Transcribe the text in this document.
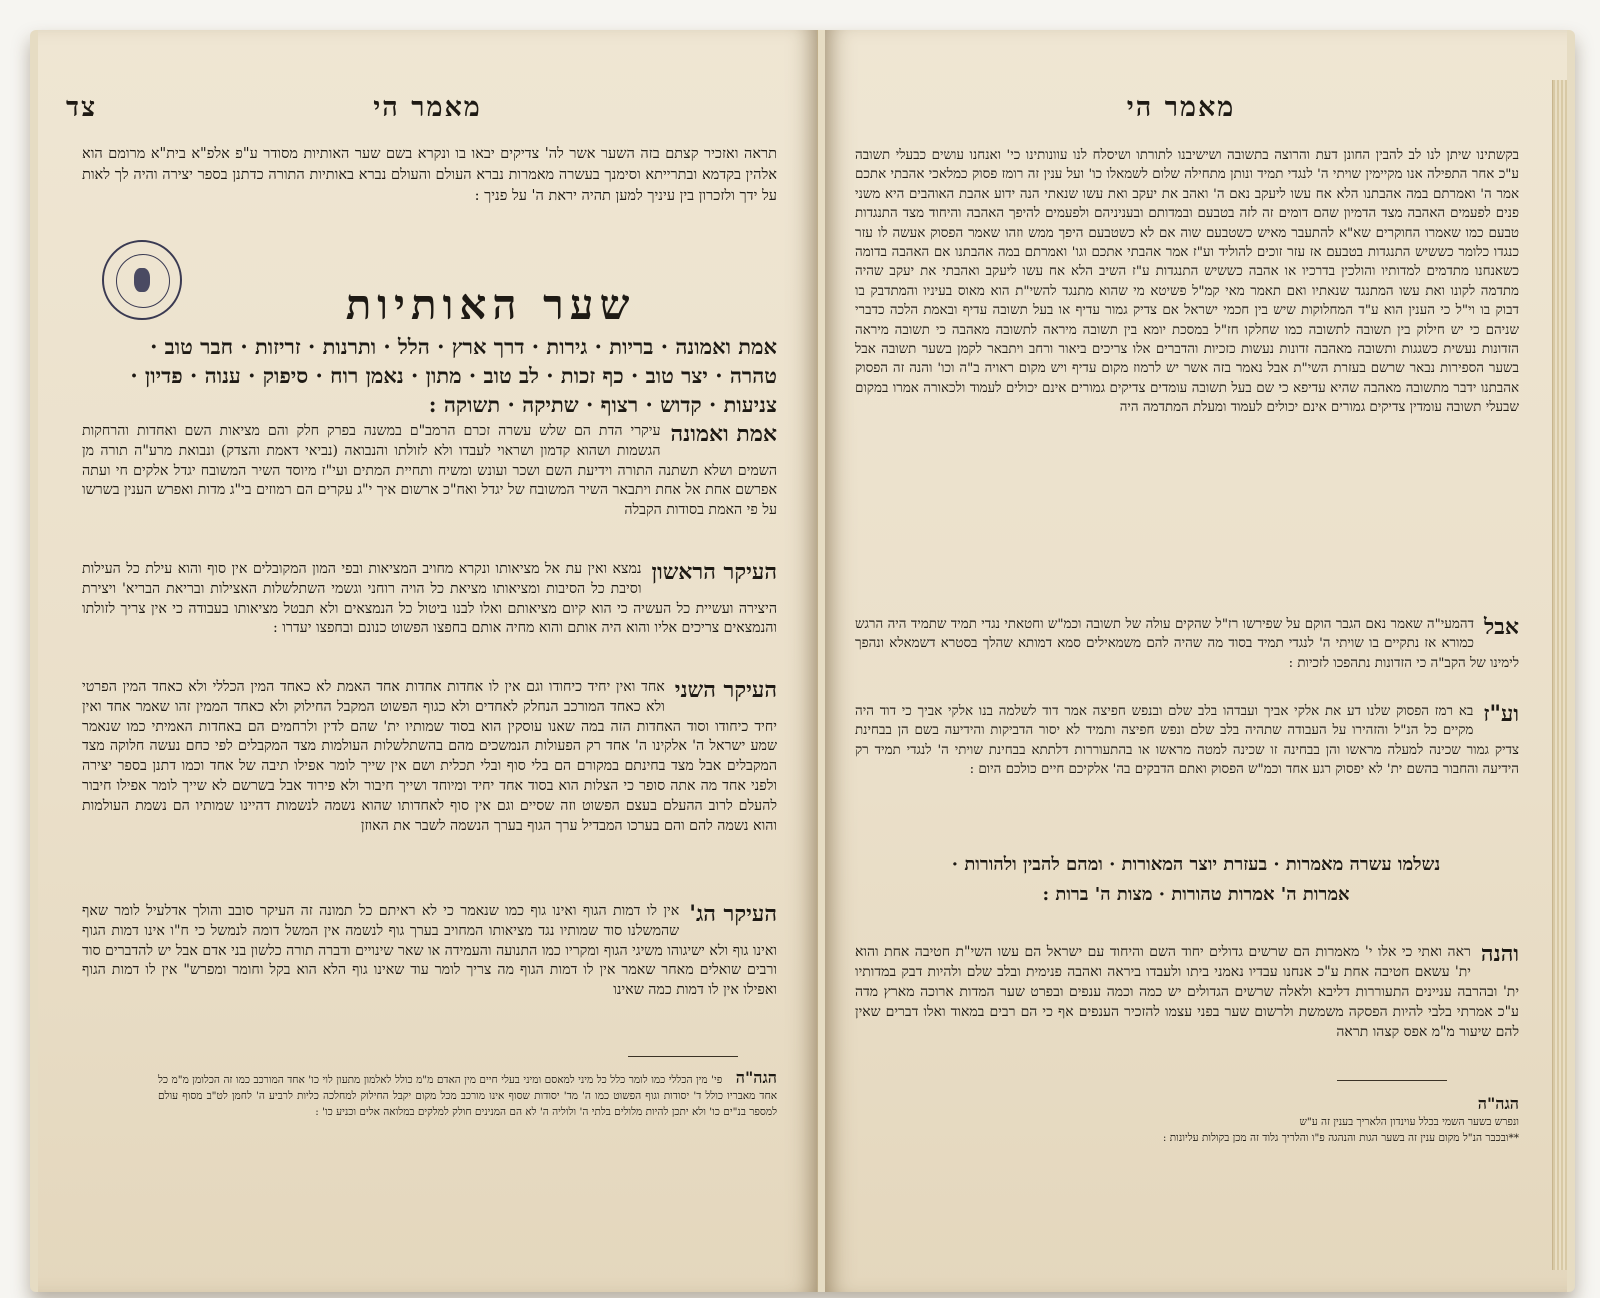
מאמר הי
צד

תראה ואזכיר קצתם בזה השער אשר לה' צדיקים יבאו בו ונקרא בשם שער האותיות מסודר ע"פ אלפ"א בית"א מרומם הוא אלהין בקדמא ובתרייתא וסימנך בעשרה מאמרות נברא העולם והעולם נברא באותיות התורה כדתנן בספר יצירה והיה לך לאות על ידך ולזכרון בין עיניך למען תהיה יראת ה' על פניך :

שער האותיות

אמת ואמונה · בריות · גירות · דרך ארץ · הלל · ותרנות · זריזות · חבר טוב ·

טהרה · יצר טוב · כף זכות · לב טוב · מתון · נאמן רוח · סיפוק · ענוה · פדיון ·

צניעות · קדוש · רצוף · שתיקה · תשוקה :

אמת ואמונה
עיקרי הדת הם שלש עשרה זכרם הרמב"ם במשנה בפרק חלק והם מציאות השם ואחדות והרחקות הגשמות ושהוא קדמון ושראוי לעבדו ולא לזולתו והנבואה (נביאי דאמת והצדק) ונבואת מרע"ה תורה מן השמים ושלא תשתנה התורה וידיעת השם ושכר ועונש ומשיח ותחיית המתים ועי"ז מיוסד השיר המשובח יגדל אלקים חי ועתה אפרשם אחת אל אחת ויתבאר השיר המשובח של יגדל ואח"כ ארשום איך י"ג עקרים הם רמוזים בי"ג מדות ואפרש הענין בשרשו על פי האמת בסודות הקבלה
העיקר הראשון
נמצא ואין עת אל מציאותו ונקרא מחויב המציאות ובפי המון המקובלים אין סוף והוא עילת כל העילות וסיבת כל הסיבות ומציאותו מציאת כל הויה רוחני וגשמי השתלשלות האצילות ובריאת הבריא' ויצירת היצירה ועשיית כל העשיה כי הוא קיום מציאותם ואלו לבנו ביטול כל הנמצאים ולא תבטל מציאותו בעבודה כי אין צריך לזולתו והנמצאים צריכים אליו והוא היה אותם והוא מחיה אותם בחפצו הפשוט כנונם ובחפצו יעדרו :
העיקר השני
אחד ואין יחיד כיחודו וגם אין לו אחדות אחדות אחד האמת לא כאחד המין הכללי ולא כאחד המין הפרטי ולא כאחד המורכב הנחלק לאחדים ולא כגוף הפשוט המקבל החילוק ולא כאחד הממין זהו שאמר אחד ואין יחיד כיחודו וסוד האחדות הזה במה שאנו עוסקין הוא בסוד שמותיו ית' שהם לדין ולרחמים הם באחדות האמיתי כמו שנאמר שמע ישראל ה' אלקינו ה' אחד רק הפעולות הנמשכים מהם בהשתלשלות העולמות מצד המקבלים לפי כחם נעשה חלוקה מצד המקבלים אבל מצד בחינתם במקורם הם בלי סוף ובלי תכלית ושם אין שייך לומר אפילו תיבה של אחד וכמו דתנן בספר יצירה ולפני אחד מה אתה סופר כי הצלות הוא בסוד אחד יחיד ומיוחד ושייך חיבור ולא פירוד אבל בשרשם לא שייך לומר אפילו חיבור להעלם לרוב ההעלם בעצם הפשוט וזה שסיים וגם אין סוף לאחדותו שהוא נשמה לנשמות דהיינו שמותיו הם נשמת העולמות והוא נשמה להם והם בערכו המבדיל ערך הגוף בערך הנשמה לשבר את האוזן
העיקר הג'
אין לו דמות הגוף ואינו גוף כמו שנאמר כי לא ראיתם כל תמונה זה העיקר סובב והולך אדלעיל לומר שאף שהמשלנו סוד שמותיו נגד מציאותו המחויב בערך גוף לנשמה אין המשל דומה לנמשל כי ח"ו אינו דמות הגוף ואינו גוף ולא ישיגוהו משיגי הגוף ומקריו כמו התנועה והעמידה או שאר שינויים ודברה תורה כלשון בני אדם אבל יש להדברים סוד ורבים שואלים מאחר שאמר אין לו דמות הגוף מה צריך לומר עוד שאינו גוף הלא הוא בקל וחומר ומפרש" אין לו דמות הגוף ואפילו אין לו דמות כמה שאינו
הגה"ה פי' מין הכללי כמו לומר כלל כל מיני למאסם ומיני בעלי חיים מין האדם מ"מ כולל לאלמון מתעון לוי כו' אחד המורכב כמו זה הכלומן מ"מ כל אחד מאבריו כולל ד' יסודות וגוף הפשוט כמו ה' מד' יסודות שסוף אינו מורכב מכל מקום יקבל החילוק למחלכה כליות לרביע ה' לחמן לט"ב מסוף עולם למספר בנ"ים כו' ולא יתכן להיות מלולים בלתי ה' ולוליה ה' לא הם המנינים חולק למלקים במלואה אלים וכניע כו' :
מאמר הי
בקשתינו שיתן לנו לב להבין החונן דעת והרוצה בתשובה ושישיבנו לתורתו ושיסלח לנו עוונותינו כי' ואנחנו עושים כבעלי תשובה ע"כ אחר התפילה אנו מקיימין שויתי ה' לנגדי תמיד ונותן מתחילה שלום לשמאלו כו' ועל ענין זה רומז פסוק כמלאכי אהבתי אתכם אמר ה' ואמרתם במה אהבתנו הלא אח עשו ליעקב נאם ה' ואהב את יעקב ואת עשו שנאתי הנה ידוע אהבת האוהבים היא משני פנים לפעמים האהבה מצד הדמיון שהם דומים זה לזה בטבעם ובמדותם ובעניניהם ולפעמים להיפך האהבה והיחוד מצד התנגדות טבעם כמו שאמרו החוקרים שא"א להתעבר מאיש כשטבעם שוה אם לא כשטבעם היפך ממש וזהו שאמר הפסוק אעשה לו עזר כנגדו כלומר כששיש התנגדות בטבעם אז עזר זוכים להוליד וע"ז אמר אהבתי אתכם וגו' ואמרתם במה אהבתנו אם האהבה בדומה כשאנחנו מתדמים למדותיו והולכין בדרכיו או אהבה כששיש התנגדות ע"ז השיב הלא אח עשו ליעקב ואהבתי את יעקב שהיה מתדמה לקונו ואת עשו המתנגד שנאתיו ואם תאמר מאי קמ"ל פשיטא מי שהוא מתנגד להשי"ת הוא מאוס בעיניו והמתדבק בו דבוק בו וי"ל כי הענין הוא ע"ד המחלוקות שיש בין חכמי ישראל אם צדיק גמור עדיף או בעל תשובה עדיף ובאמת הלכה כדברי שניהם כי יש חילוק בין תשובה לתשובה כמו שחלקו חז"ל במסכת יומא בין תשובה מיראה לתשובה מאהבה כי תשובה מיראה הזדונות נעשית כשגגות ותשובה מאהבה זדונות נעשות כזכיות והדברים אלו צריכים ביאור ורחב ויתבאר לקמן בשער תשובה אבל בשער הספירות נבאר שרשם בעזרת השי"ת אבל נאמר בזה אשר יש לרמוז מקום עדיף ויש מקום ראויה ב"ה וכו' והנה זה הפסוק אהבתנו ידבר מתשובה מאהבה שהיא עדיפא כי שם בעל תשובה עומדים צדיקים גמורים אינם יכולים לעמוד ולכאורה אמרו במקום שבעלי תשובה עומדין צדיקים גמורים אינם יכולים לעמוד ומעלת המתדמה היה
אבל
דהמעי"ה שאמר נאם הגבר הוקם על שפירשו רז"ל שהקים עולה של תשובה וכמ"ש וחטאתי נגדי תמיד שתמיד היה הרגש כמורא אז נתקיים בו שויתי ה' לנגדי תמיד בסוד מה שהיה להם משמאילים סמא דמותא שהלך בסטרא דשמאלא ונהפך לימינו של הקב"ה כי הזדונות נתהפכו לזכיות :
וע"ז
בא רמז הפסוק שלנו דע את אלקי אביך ועבדהו בלב שלם ובנפש חפיצה אמר דוד לשלמה בנו אלקי אביך כי דוד היה מקיים כל הנ"ל והזהירו על העבודה שתהיה בלב שלם ונפש חפיצה ותמיד לא יסור הדביקות והידיעה בשם הן בבחינת צדיק גמור שכינה למעלה מראשו והן בבחינה זו שכינה למטה מראשו או בהתעוררות דלתתא בבחינת שויתי ה' לנגדי תמיד רק הידיעה והחבור בהשם ית' לא יפסוק רגע אחד וכמ"ש הפסוק ואתם הדבקים בה' אלקיכם חיים כולכם היום :
נשלמו עשרה מאמרות · בעזרת יוצר המאורות · ומהם להבין ולהורות ·
אמרות ה' אמרות טהורות · מצות ה' ברות :
והנה
ראה ואתי כי אלו י' מאמרות הם שרשים גדולים יחוד השם והיחוד עם ישראל הם עשו השי"ת חטיבה אחת והוא ית' עשאם חטיבה אחת ע"כ אנחנו עבדיו נאמני ביתו ולעבדו ביראה ואהבה פנימית ובלב שלם ולהיות דבק במדותיו ית' ובהרבה עניינים התעוררות דליבא ולאלה שרשים הגדולים יש כמה וכמה ענפים ובפרט שער המדות ארוכה מארץ מדה ע"כ אמרתי בלבי להיות הפסקה משמשת ולרשום שער בפני עצמו להזכיר הענפים אף כי הם רבים במאוד ואלו דברים שאין להם שיעור מ"מ אפס קצהו תראה
הגה"ה
ונפרש בשער השמי בכלל עוינדון הלאריך בענין זה ע"ש
**ובכבר הנ"ל מקום ענין זה בשער הגות והנהגה פ"ו והלריך גלוד זה מכן בקולות עליונות :
